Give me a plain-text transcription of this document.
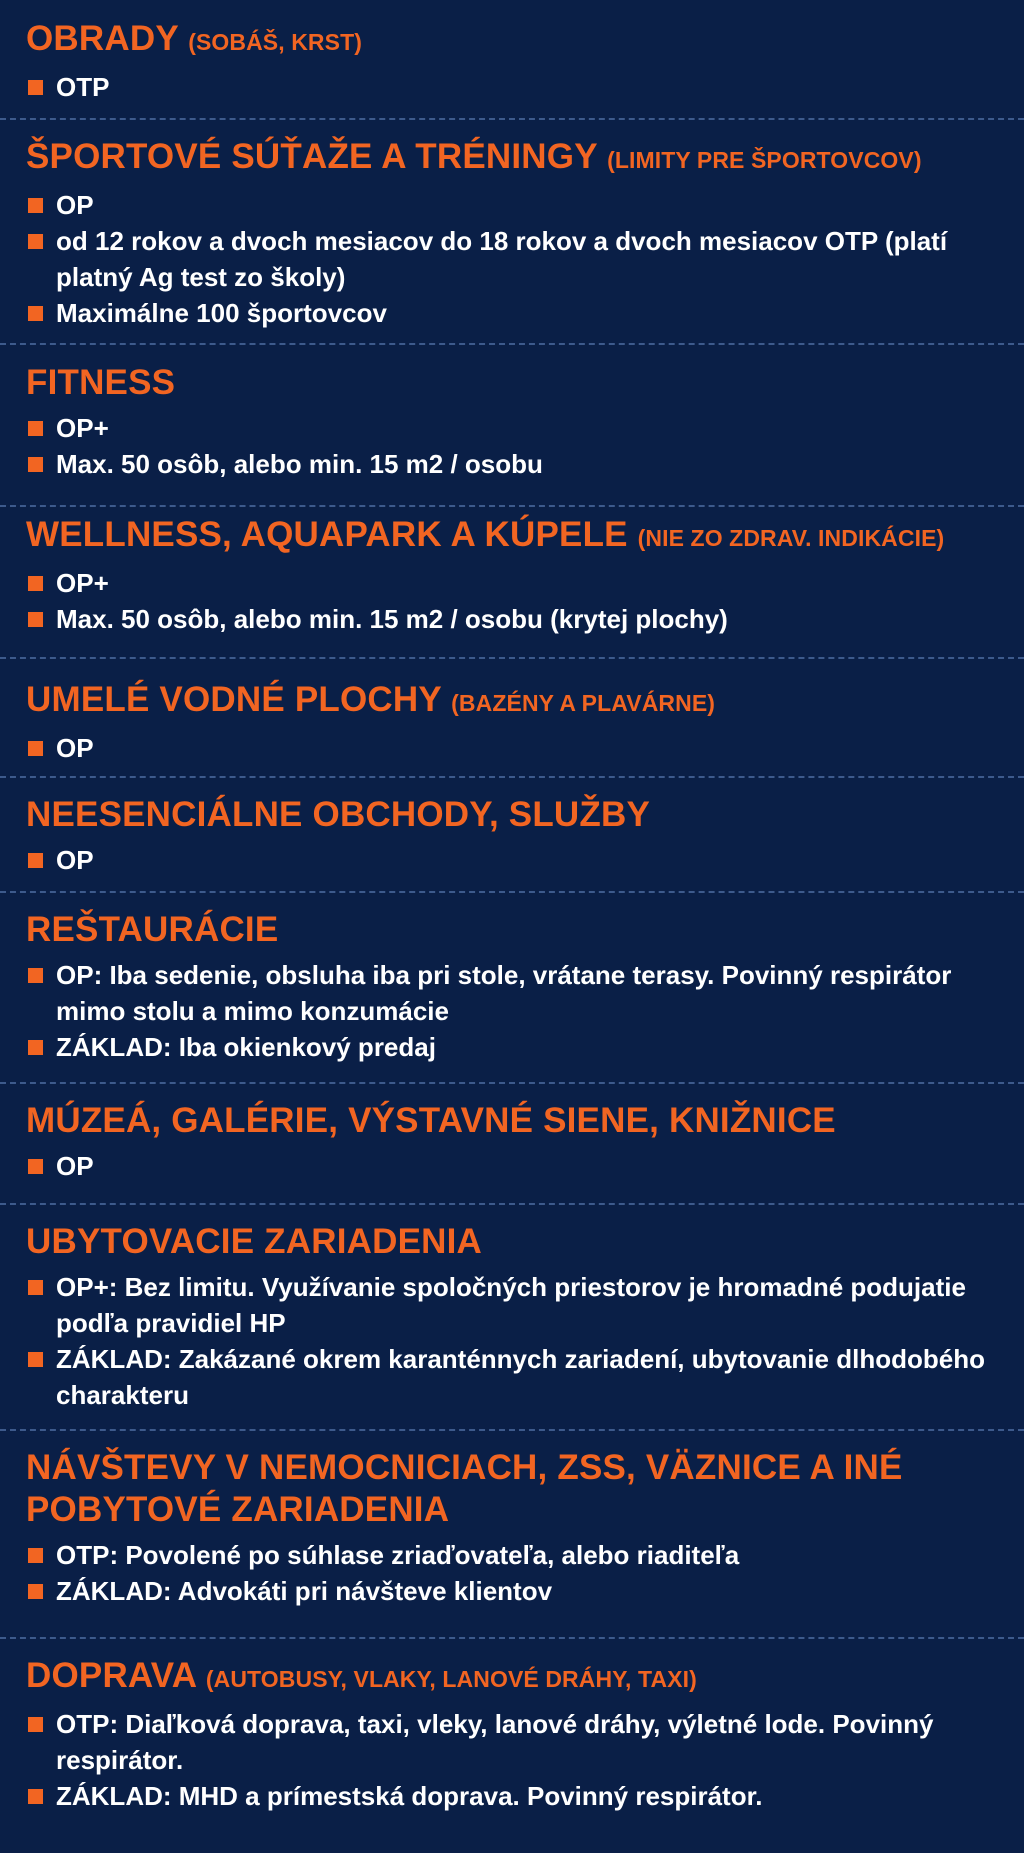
OBRADY (SOBÁŠ, KRST)
OTP
ŠPORTOVÉ SÚŤAŽE A TRÉNINGY (LIMITY PRE ŠPORTOVCOV)
OP
od 12 rokov a dvoch mesiacov do 18 rokov a dvoch mesiacov OTP (platí platný Ag test zo školy)
Maximálne 100 športovcov
FITNESS
OP+
Max. 50 osôb, alebo min. 15 m2 / osobu
WELLNESS, AQUAPARK A KÚPELE (NIE ZO ZDRAV. INDIKÁCIE)
OP+
Max. 50 osôb, alebo min. 15 m2 / osobu (krytej plochy)
UMELÉ VODNÉ PLOCHY (BAZÉNY A PLAVÁRNE)
OP
NEESENCIÁLNE OBCHODY, SLUŽBY
OP
REŠTAURÁCIE
OP: Iba sedenie, obsluha iba pri stole, vrátane terasy. Povinný respirátor mimo stolu a mimo konzumácie
ZÁKLAD: Iba okienkový predaj
MÚZEÁ, GALÉRIE, VÝSTAVNÉ SIENE, KNIŽNICE
OP
UBYTOVACIE ZARIADENIA
OP+: Bez limitu. Využívanie spoločných priestorov je hromadné podujatie podľa pravidiel HP
ZÁKLAD: Zakázané okrem karanténnych zariadení, ubytovanie dlhodobého charakteru
NÁVŠTEVY V NEMOCNICIACH, ZSS, VÄZNICE A INÉ POBYTOVÉ ZARIADENIA
OTP: Povolené po súhlase zriaďovateľa, alebo riaditeľa
ZÁKLAD: Advokáti pri návšteve klientov
DOPRAVA (AUTOBUSY, VLAKY, LANOVÉ DRÁHY, TAXI)
OTP: Diaľková doprava, taxi, vleky, lanové dráhy, výletné lode. Povinný respirátor.
ZÁKLAD: MHD a prímestská doprava. Povinný respirátor.
